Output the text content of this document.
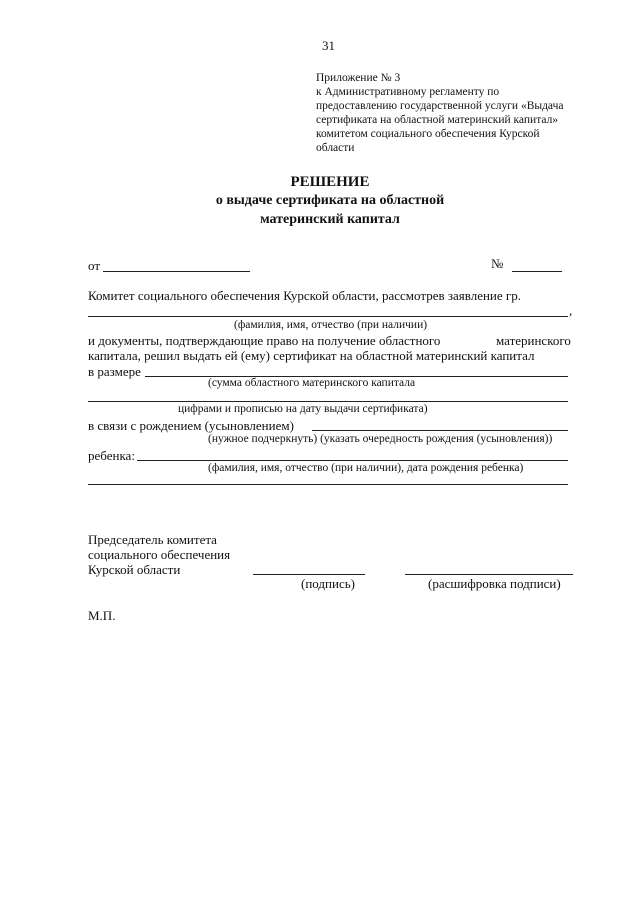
31
Приложение № 3
к Административному регламенту по
предоставлению государственной услуги «Выдача
сертификата на областной материнский капитал»
комитетом социального обеспечения Курской
области
РЕШЕНИЕ
о выдаче сертификата на областной
материнский капитал
от	№
Комитет социального обеспечения Курской области, рассмотрев заявление гр.
,
(фамилия, имя, отчество (при наличии)
и документы, подтверждающие право на получение областного	материнского
капитала, решил выдать ей (ему) сертификат на областной материнский капитал
в размере
(сумма областного материнского капитала
цифрами и прописью на дату выдачи сертификата)
в связи с рождением (усыновлением)
(нужное подчеркнуть) (указать очередность рождения (усыновления))
ребенка:
(фамилия, имя, отчество (при наличии), дата рождения ребенка)
Председатель комитета
социального обеспечения
Курской области
(подпись)	(расшифровка подписи)
М.П.
